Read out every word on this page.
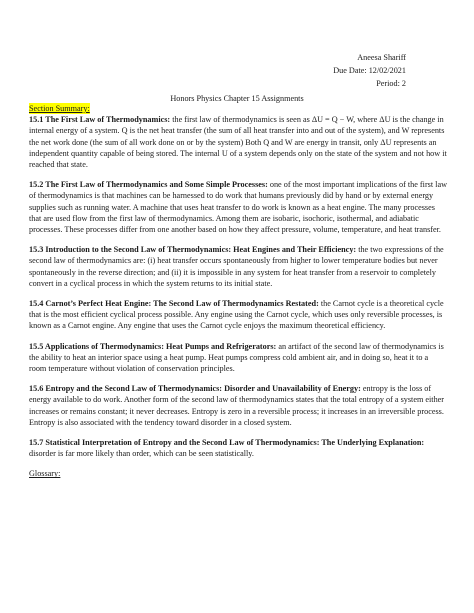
Aneesa Shariff
Due Date: 12/02/2021
Period: 2
Honors Physics Chapter 15 Assignments
Section Summary:

15.1 The First Law of Thermodynamics: the first law of thermodynamics is seen as ΔU = Q − W, where ΔU is the change in internal energy of a system. Q is the net heat transfer (the sum of all heat transfer into and out of the system), and W represents the net work done (the sum of all work done on or by the system) Both Q and W are energy in transit, only ΔU represents an independent quantity capable of being stored. The internal U of a system depends only on the state of the system and not how it reached that state.

15.2 The First Law of Thermodynamics and Some Simple Processes: one of the most important implications of the first law of thermodynamics is that machines can be harnessed to do work that humans previously did by hand or by external energy supplies such as running water. A machine that uses heat transfer to do work is known as a heat engine. The many processes that are used flow from the first law of thermodynamics. Among them are isobaric, isochoric, isothermal, and adiabatic processes. These processes differ from one another based on how they affect pressure, volume, temperature, and heat transfer.

15.3 Introduction to the Second Law of Thermodynamics: Heat Engines and Their Efficiency: the two expressions of the second law of thermodynamics are: (i) heat transfer occurs spontaneously from higher to lower temperature bodies but never spontaneously in the reverse direction; and (ii) it is impossible in any system for heat transfer from a reservoir to completely convert in a cyclical process in which the system returns to its initial state.

15.4 Carnot’s Perfect Heat Engine: The Second Law of Thermodynamics Restated: the Carnot cycle is a theoretical cycle that is the most efficient cyclical process possible. Any engine using the Carnot cycle, which uses only reversible processes, is known as a Carnot engine. Any engine that uses the Carnot cycle enjoys the maximum theoretical efficiency.

15.5 Applications of Thermodynamics: Heat Pumps and Refrigerators: an artifact of the second law of thermodynamics is the ability to heat an interior space using a heat pump. Heat pumps compress cold ambient air, and in doing so, heat it to a room temperature without violation of conservation principles.

15.6 Entropy and the Second Law of Thermodynamics: Disorder and Unavailability of Energy: entropy is the loss of energy available to do work. Another form of the second law of thermodynamics states that the total entropy of a system either increases or remains constant; it never decreases. Entropy is zero in a reversible process; it increases in an irreversible process. Entropy is also associated with the tendency toward disorder in a closed system.

15.7 Statistical Interpretation of Entropy and the Second Law of Thermodynamics: The Underlying Explanation: disorder is far more likely than order, which can be seen statistically.

Glossary:
